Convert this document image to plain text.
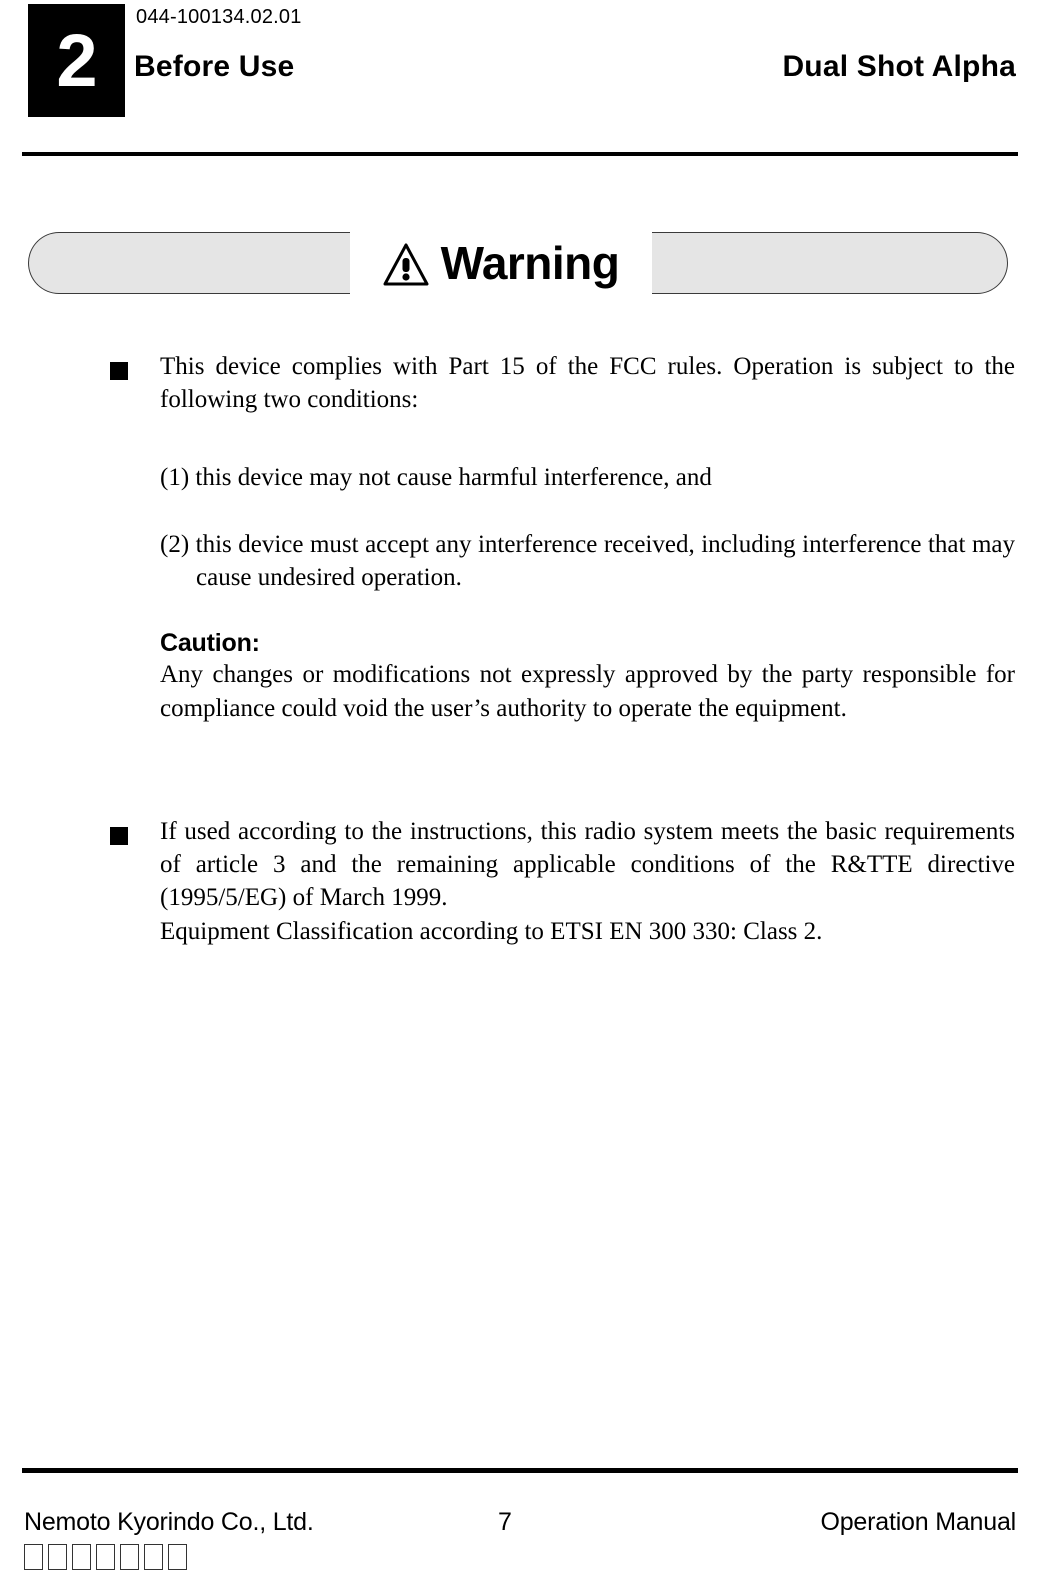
2
044-100134.02.01
Before Use	Dual Shot Alpha
Warning

This device complies with Part 15 of the FCC rules. Operation is subject to the following two conditions:

(1) this device may not cause harmful interference, and

(2) this device must accept any interference received, including interference that may cause undesired operation.

Caution:

Any changes or modifications not expressly approved by the party responsible for compliance could void the user’s authority to operate the equipment.

If used according to the instructions, this radio system meets the basic requirements of article 3 and the remaining applicable conditions of the R&TTE directive (1995/5/EG) of March 1999.

Equipment Classification according to ETSI EN 300 330: Class 2.

Nemoto Kyorindo Co., Ltd.	7	Operation Manual
